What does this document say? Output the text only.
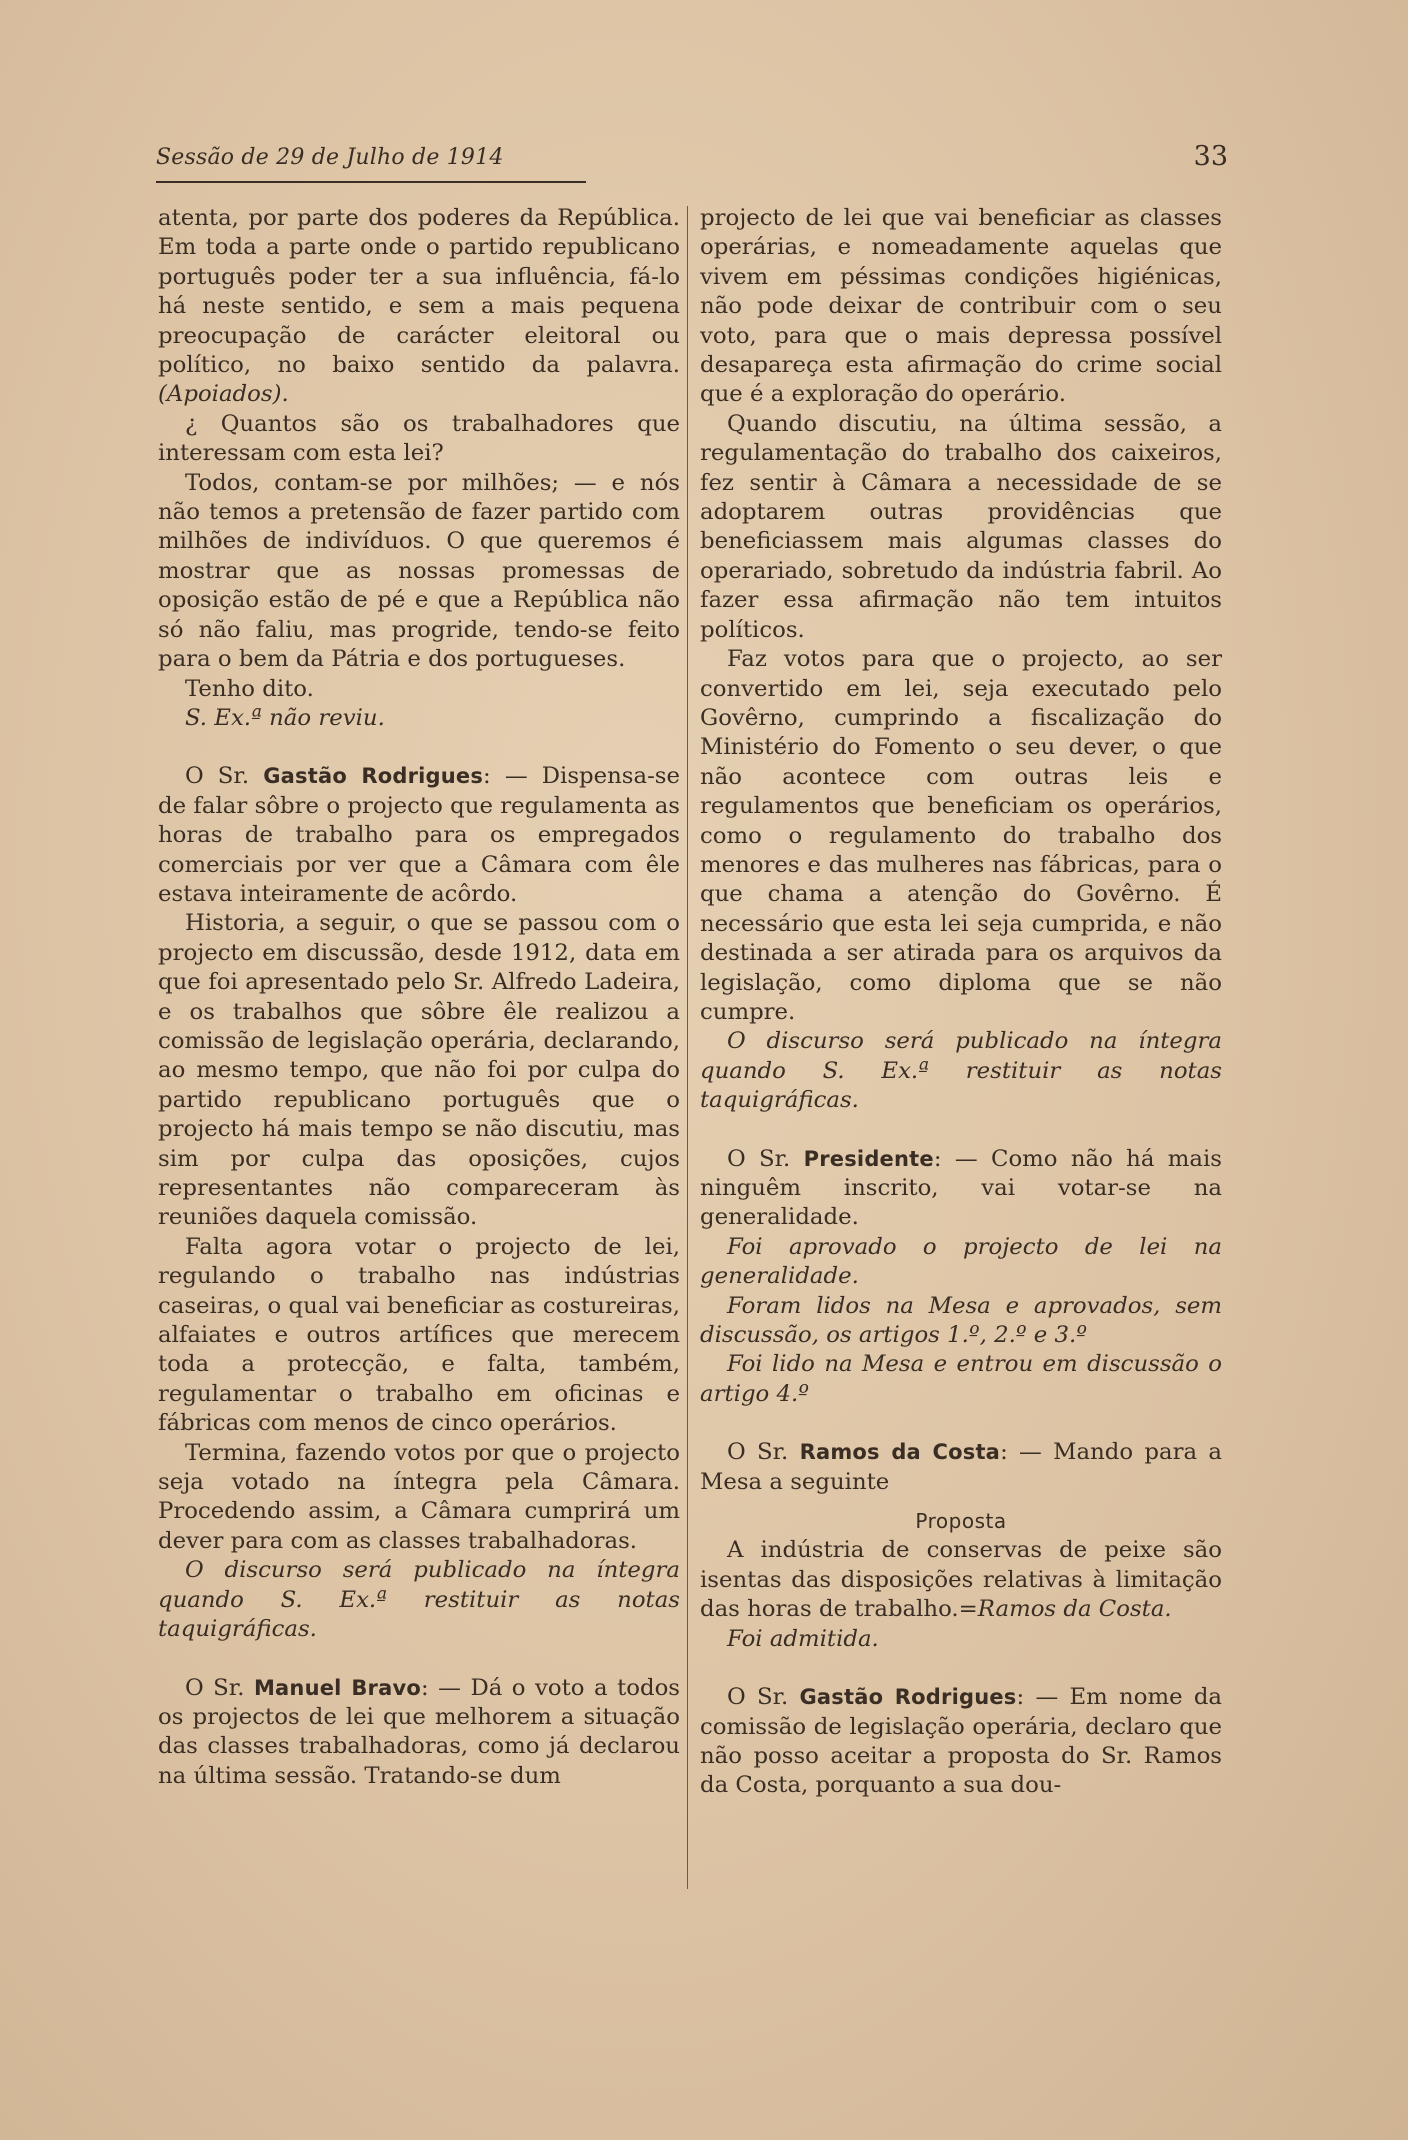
Sessão de 29 de Julho de 1914	33

atenta, por parte dos poderes da República. Em toda a parte onde o partido republicano português poder ter a sua influência, fá-lo há neste sentido, e sem a mais pequena preocupação de carácter eleitoral ou político, no baixo sentido da palavra. (Apoiados).

¿ Quantos são os trabalhadores que interessam com esta lei?

Todos, contam-se por milhões; — e nós não temos a pretensão de fazer partido com milhões de indivíduos. O que queremos é mostrar que as nossas promessas de oposição estão de pé e que a República não só não faliu, mas progride, tendo-se feito para o bem da Pátria e dos portugueses.

Tenho dito.

S. Ex.ª não reviu.

O Sr. Gastão Rodrigues: — Dispensa-se de falar sôbre o projecto que regulamenta as horas de trabalho para os empregados comerciais por ver que a Câmara com êle estava inteiramente de acôrdo.

Historia, a seguir, o que se passou com o projecto em discussão, desde 1912, data em que foi apresentado pelo Sr. Alfredo Ladeira, e os trabalhos que sôbre êle realizou a comissão de legislação operária, declarando, ao mesmo tempo, que não foi por culpa do partido republicano português que o projecto há mais tempo se não discutiu, mas sim por culpa das oposições, cujos representantes não compareceram às reuniões daquela comissão.

Falta agora votar o projecto de lei, regulando o trabalho nas indústrias caseiras, o qual vai beneficiar as costureiras, alfaiates e outros artífices que merecem toda a protecção, e falta, também, regulamentar o trabalho em oficinas e fábricas com menos de cinco operários.

Termina, fazendo votos por que o projecto seja votado na íntegra pela Câmara. Procedendo assim, a Câmara cumprirá um dever para com as classes trabalhadoras.

O discurso será publicado na íntegra quando S. Ex.ª restituir as notas taquigráficas.

O Sr. Manuel Bravo: — Dá o voto a todos os projectos de lei que melhorem a situação das classes trabalhadoras, como já declarou na última sessão. Tratando-se dum

projecto de lei que vai beneficiar as classes operárias, e nomeadamente aquelas que vivem em péssimas condições higiénicas, não pode deixar de contribuir com o seu voto, para que o mais depressa possível desapareça esta afirmação do crime social que é a exploração do operário.

Quando discutiu, na última sessão, a regulamentação do trabalho dos caixeiros, fez sentir à Câmara a necessidade de se adoptarem outras providências que beneficiassem mais algumas classes do operariado, sobretudo da indústria fabril. Ao fazer essa afirmação não tem intuitos políticos.

Faz votos para que o projecto, ao ser convertido em lei, seja executado pelo Govêrno, cumprindo a fiscalização do Ministério do Fomento o seu dever, o que não acontece com outras leis e regulamentos que beneficiam os operários, como o regulamento do trabalho dos menores e das mulheres nas fábricas, para o que chama a atenção do Govêrno. É necessário que esta lei seja cumprida, e não destinada a ser atirada para os arquivos da legislação, como diploma que se não cumpre.

O discurso será publicado na íntegra quando S. Ex.ª restituir as notas taquigráficas.

O Sr. Presidente: — Como não há mais ninguêm inscrito, vai votar-se na generalidade.

Foi aprovado o projecto de lei na generalidade.

Foram lidos na Mesa e aprovados, sem discussão, os artigos 1.º, 2.º e 3.º

Foi lido na Mesa e entrou em discussão o artigo 4.º

O Sr. Ramos da Costa: — Mando para a Mesa a seguinte

Proposta

A indústria de conservas de peixe são isentas das disposições relativas à limitação das horas de trabalho.=Ramos da Costa.

Foi admitida.

O Sr. Gastão Rodrigues: — Em nome da comissão de legislação operária, declaro que não posso aceitar a proposta do Sr. Ramos da Costa, porquanto a sua dou-
